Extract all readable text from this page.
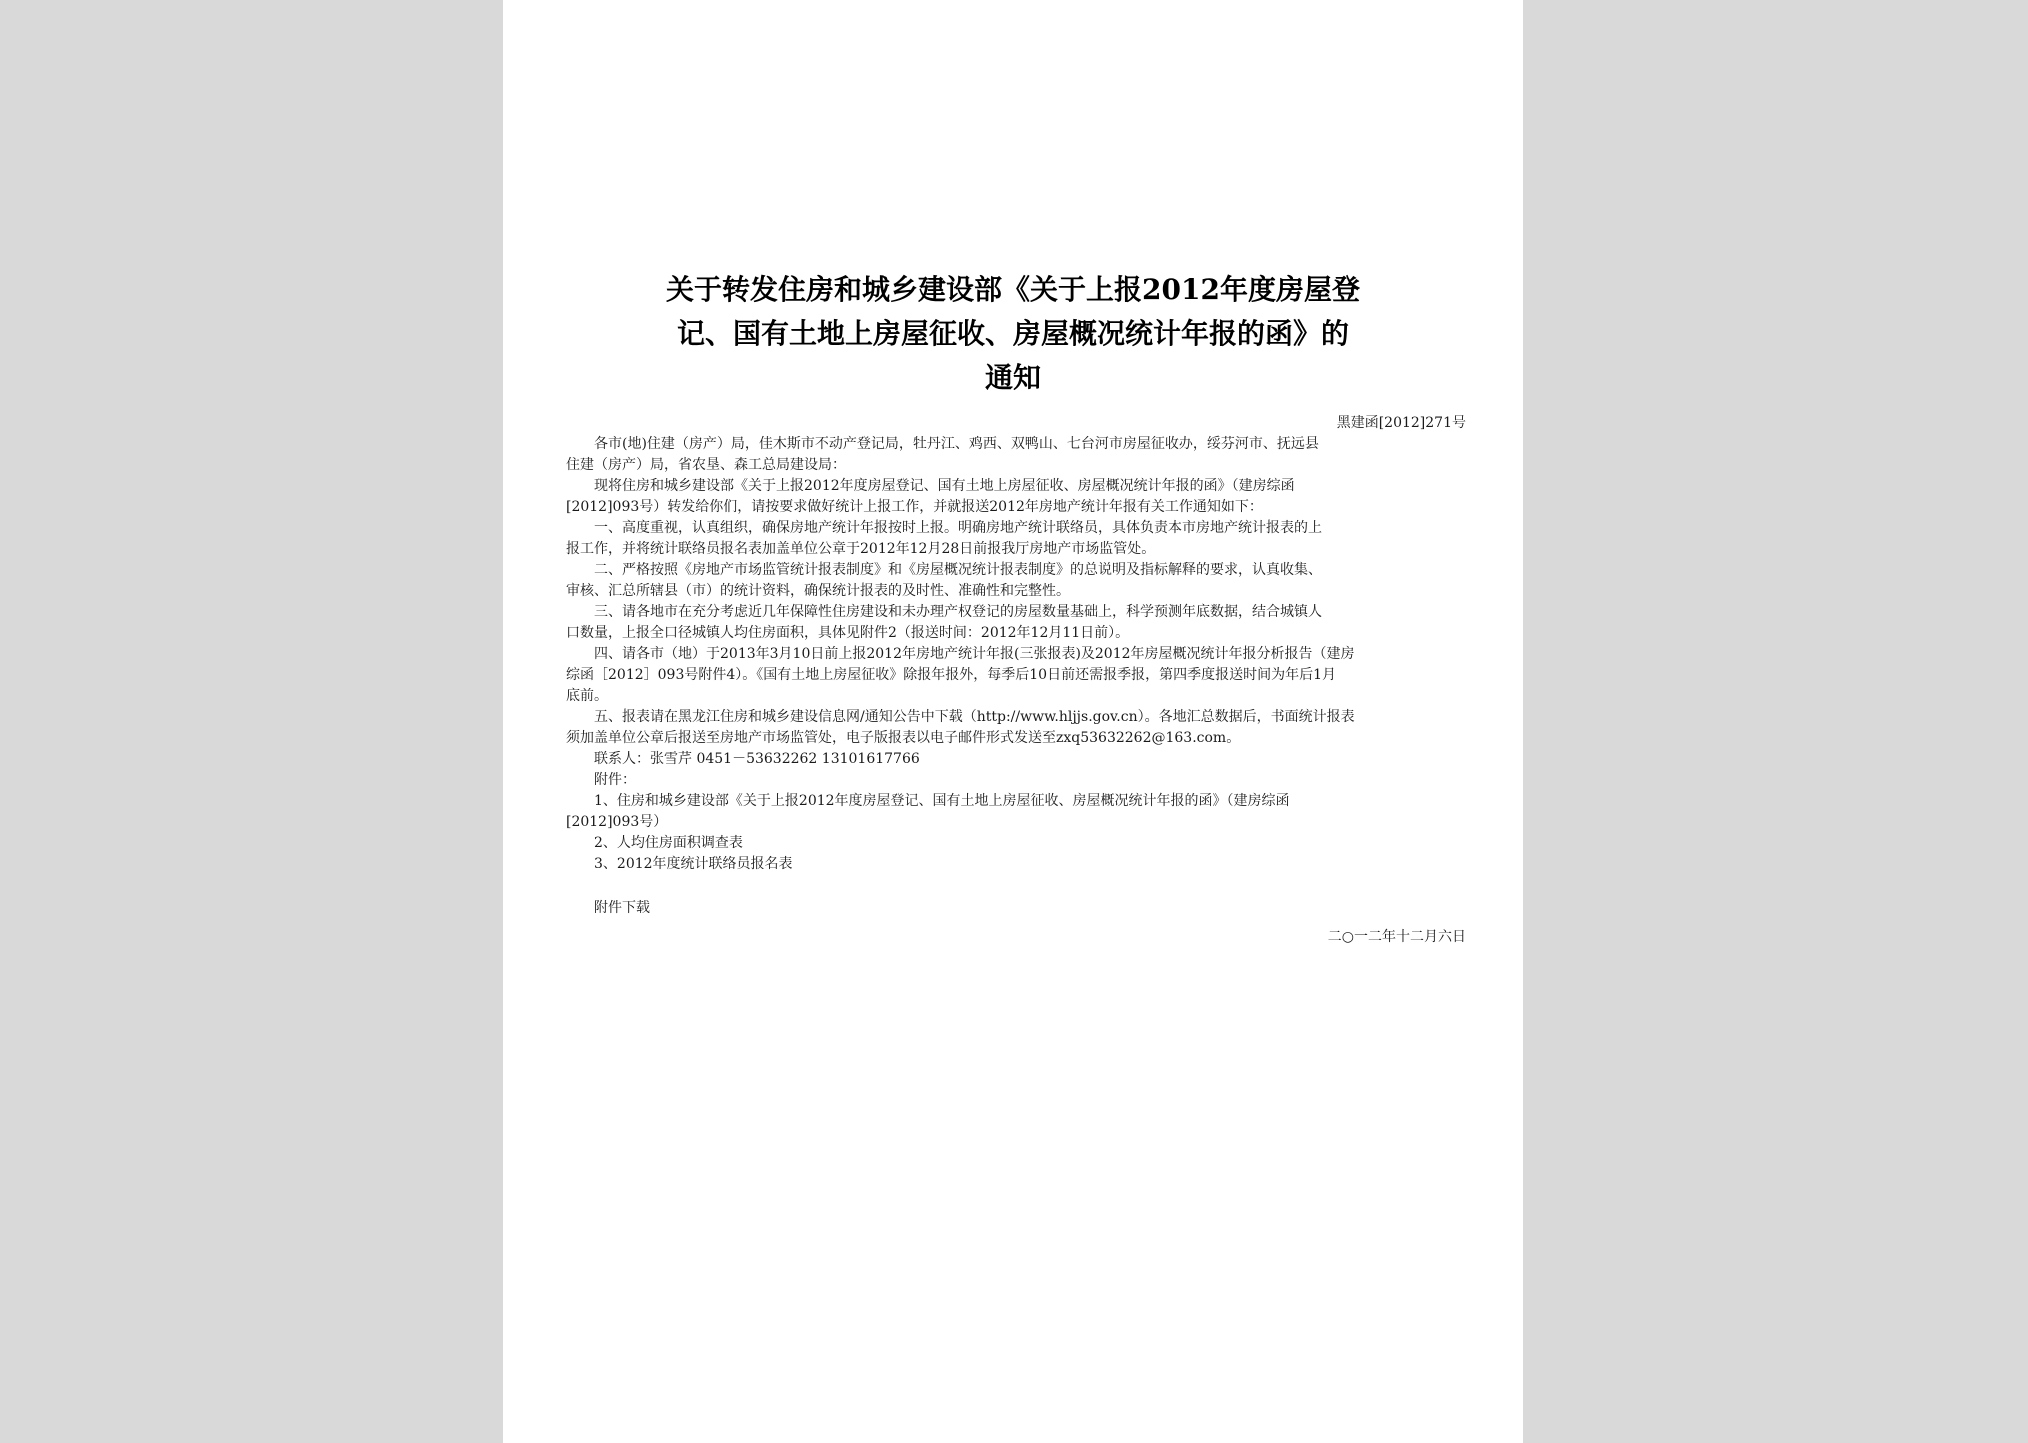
关于转发住房和城乡建设部《关于上报2012年度房屋登
记、国有土地上房屋征收、房屋概况统计年报的函》的
通知
黑建函[2012]271号
各市(地)住建（房产）局，佳木斯市不动产登记局，牡丹江、鸡西、双鸭山、七台河市房屋征收办，绥芬河市、抚远县
住建（房产）局，省农垦、森工总局建设局：
现将住房和城乡建设部《关于上报2012年度房屋登记、国有土地上房屋征收、房屋概况统计年报的函》（建房综函
[2012]093号）转发给你们，请按要求做好统计上报工作，并就报送2012年房地产统计年报有关工作通知如下：
一、高度重视，认真组织，确保房地产统计年报按时上报。明确房地产统计联络员，具体负责本市房地产统计报表的上
报工作，并将统计联络员报名表加盖单位公章于2012年12月28日前报我厅房地产市场监管处。
二、严格按照《房地产市场监管统计报表制度》和《房屋概况统计报表制度》的总说明及指标解释的要求，认真收集、
审核、汇总所辖县（市）的统计资料，确保统计报表的及时性、准确性和完整性。
三、请各地市在充分考虑近几年保障性住房建设和未办理产权登记的房屋数量基础上，科学预测年底数据，结合城镇人
口数量，上报全口径城镇人均住房面积，具体见附件2（报送时间：2012年12月11日前）。
四、请各市（地）于2013年3月10日前上报2012年房地产统计年报(三张报表)及2012年房屋概况统计年报分析报告（建房
综函［2012］093号附件4）。《国有土地上房屋征收》除报年报外，每季后10日前还需报季报，第四季度报送时间为年后1月
底前。
五、报表请在黑龙江住房和城乡建设信息网/通知公告中下载（http://www.hljjs.gov.cn）。各地汇总数据后，书面统计报表
须加盖单位公章后报送至房地产市场监管处，电子版报表以电子邮件形式发送至zxq53632262@163.com。
联系人：张雪芹 0451－53632262 13101617766
附件：
1、住房和城乡建设部《关于上报2012年度房屋登记、国有土地上房屋征收、房屋概况统计年报的函》（建房综函
[2012]093号）
2、人均住房面积调查表
3、2012年度统计联络员报名表
附件下载
二○一二年十二月六日
